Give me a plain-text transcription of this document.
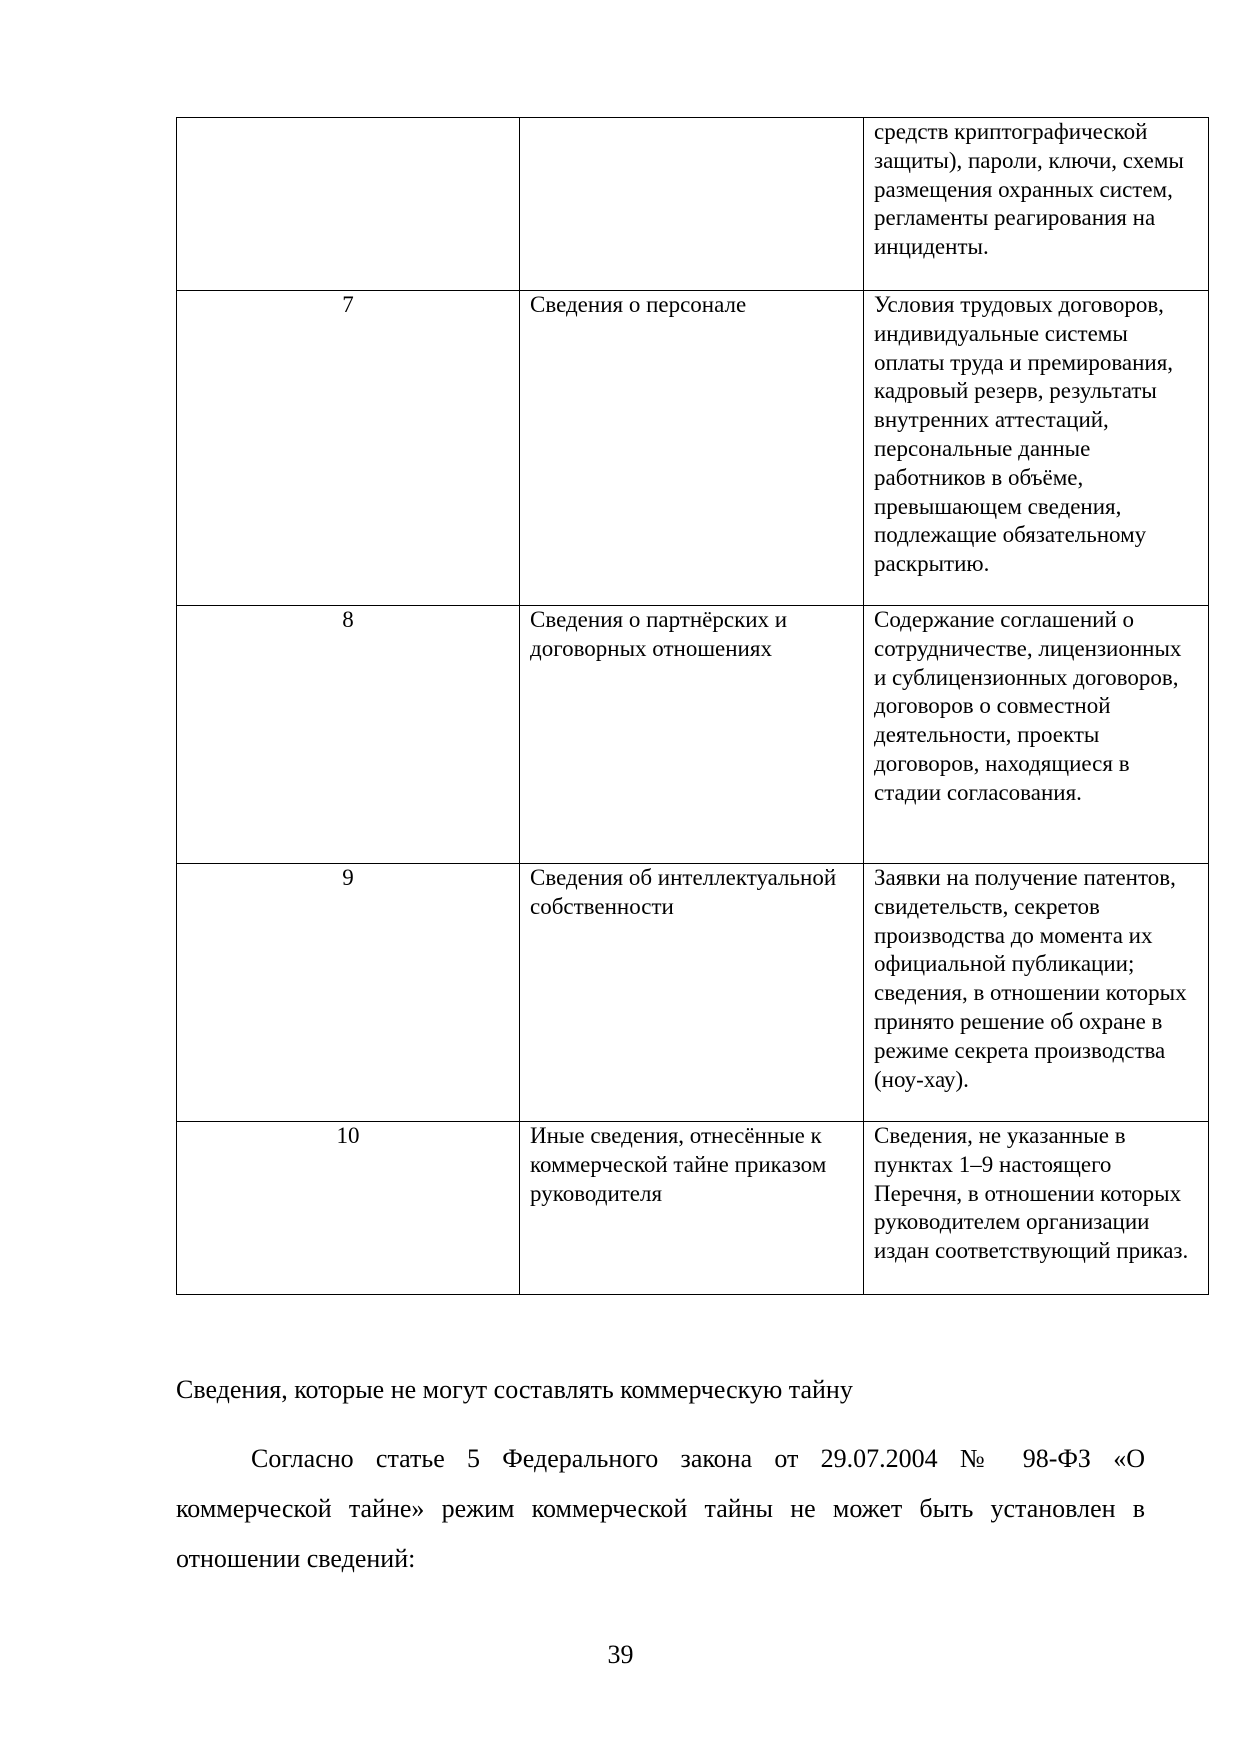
		средств криптографической защиты), пароли, ключи, схемы размещения охранных систем, регламенты реагирования на инциденты.
7	Сведения о персонале	Условия трудовых договоров, индивидуальные системы оплаты труда и премирования, кадровый резерв, результаты внутренних аттестаций, персональные данные работников в объёме, превышающем сведения, подлежащие обязательному раскрытию.
8	Сведения о партнёрских и договорных отношениях	Содержание соглашений о сотрудничестве, лицензионных и сублицензионных договоров, договоров о совместной деятельности, проекты договоров, находящиеся в стадии согласования.
9	Сведения об интеллектуальной собственности	Заявки на получение патентов, свидетельств, секретов производства до момента их официальной публикации; сведения, в отношении которых принято решение об охране в режиме секрета производства (ноу-хау).
10	Иные сведения, отнесённые к коммерческой тайне приказом руководителя	Сведения, не указанные в пунктах 1–9 настоящего Перечня, в отношении которых руководителем организации издан соответствующий приказ.

Сведения, которые не могут составлять коммерческую тайну

Согласно статье 5 Федерального закона от 29.07.2004 № 98-ФЗ «О коммерческой тайне» режим коммерческой тайны не может быть установлен в отношении сведений:

39
